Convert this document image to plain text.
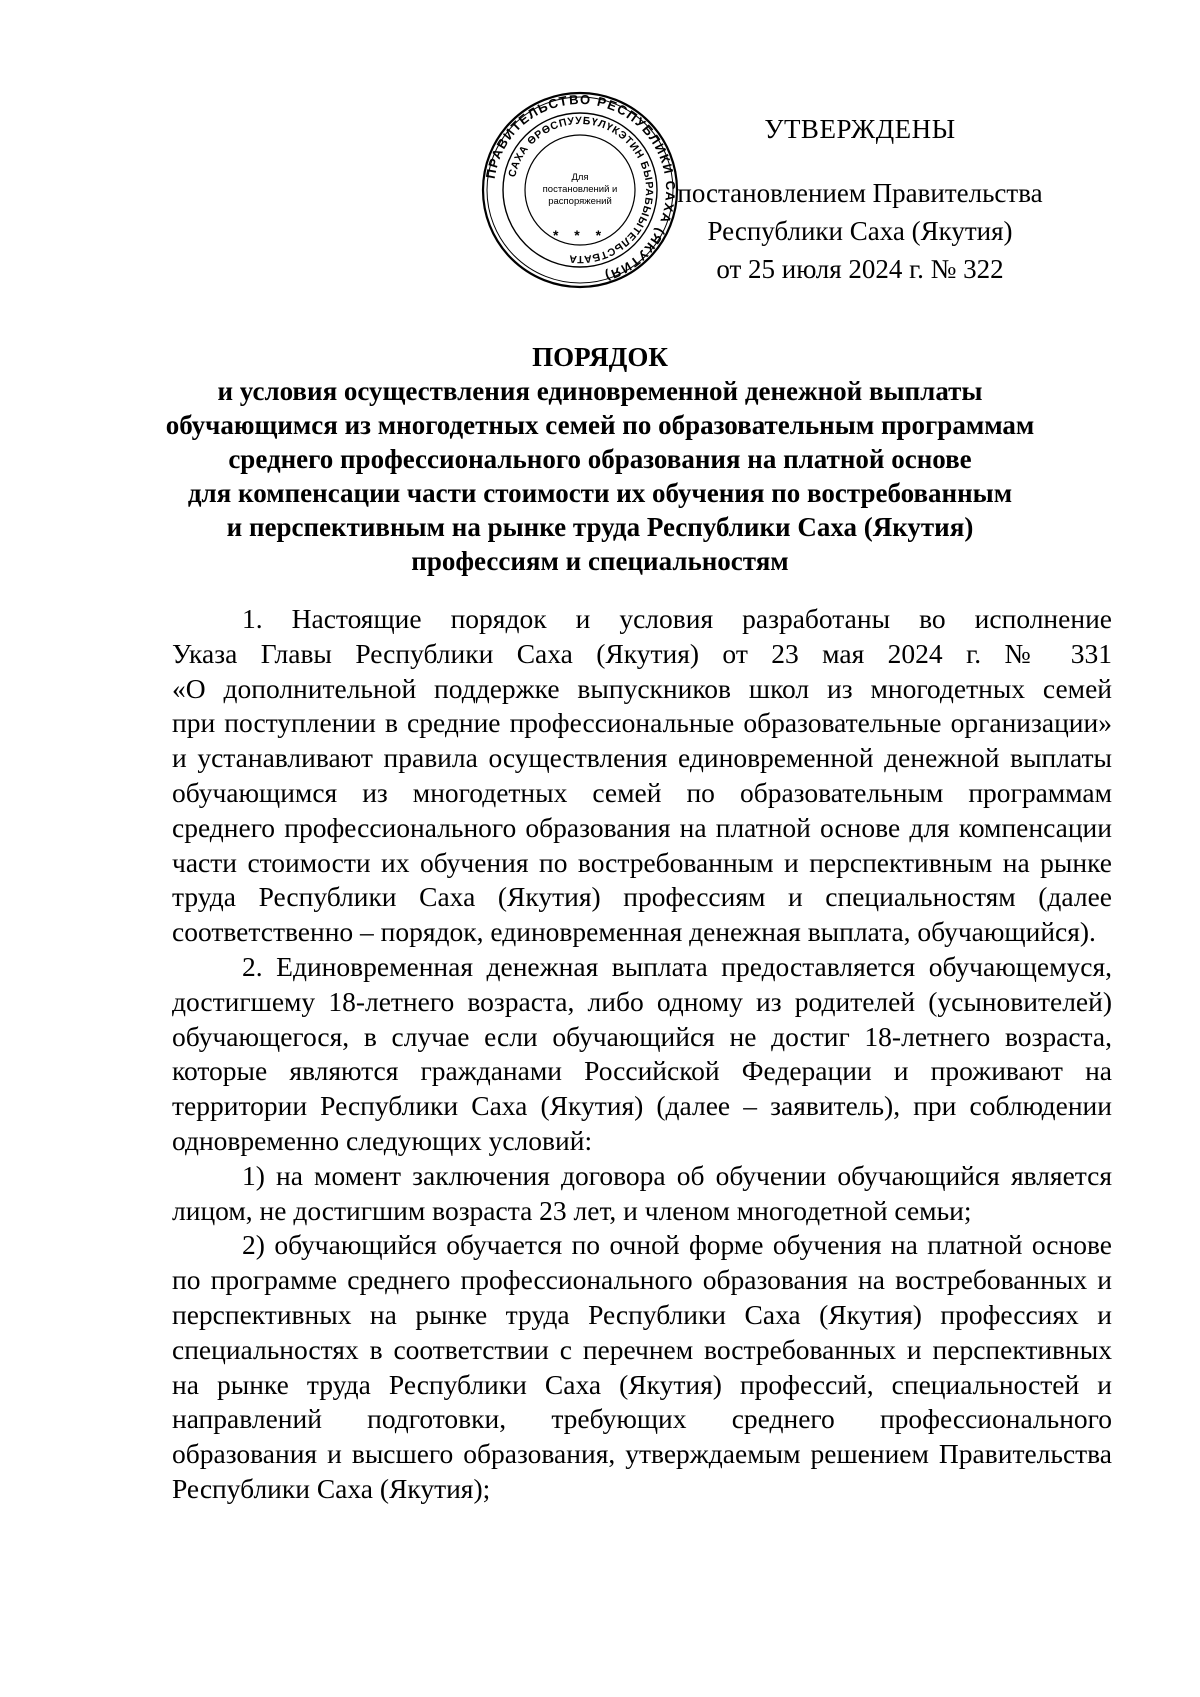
ПРАВИТЕЛЬСТВО РЕСПУБЛИКИ САХА (ЯКУТИЯ)
САХА ӨРӨСПУУБҮЛҮКЭТИН БЫРАБЫЫТЕЛЬСТБАТА
Для
постановлений и
распоряжений
* * *
УТВЕРЖДЕНЫ
постановлением Правительства
Республики Саха (Якутия)
от 25 июля 2024 г. № 322
ПОРЯДОК
и условия осуществления единовременной денежной выплаты
обучающимся из многодетных семей по образовательным программам
среднего профессионального образования на платной основе
для компенсации части стоимости их обучения по востребованным
и перспективным на рынке труда Республики Саха (Якутия)
профессиям и специальностям
1. Настоящие порядок и условия разработаны во исполнение
Указа Главы Республики Саха (Якутия) от 23 мая 2024 г. № 331
«О дополнительной поддержке выпускников школ из многодетных семей
при поступлении в средние профессиональные образовательные организации»
и устанавливают правила осуществления единовременной денежной выплаты
обучающимся из многодетных семей по образовательным программам
среднего профессионального образования на платной основе для компенсации
части стоимости их обучения по востребованным и перспективным на рынке
труда Республики Саха (Якутия) профессиям и специальностям (далее
соответственно – порядок, единовременная денежная выплата, обучающийся).
2. Единовременная денежная выплата предоставляется обучающемуся,
достигшему 18-летнего возраста, либо одному из родителей (усыновителей)
обучающегося, в случае если обучающийся не достиг 18-летнего возраста,
которые являются гражданами Российской Федерации и проживают на
территории Республики Саха (Якутия) (далее – заявитель), при соблюдении
одновременно следующих условий:
1) на момент заключения договора об обучении обучающийся является
лицом, не достигшим возраста 23 лет, и членом многодетной семьи;
2) обучающийся обучается по очной форме обучения на платной основе
по программе среднего профессионального образования на востребованных и
перспективных на рынке труда Республики Саха (Якутия) профессиях и
специальностях в соответствии с перечнем востребованных и перспективных
на рынке труда Республики Саха (Якутия) профессий, специальностей и
направлений подготовки, требующих среднего профессионального
образования и высшего образования, утверждаемым решением Правительства
Республики Саха (Якутия);
